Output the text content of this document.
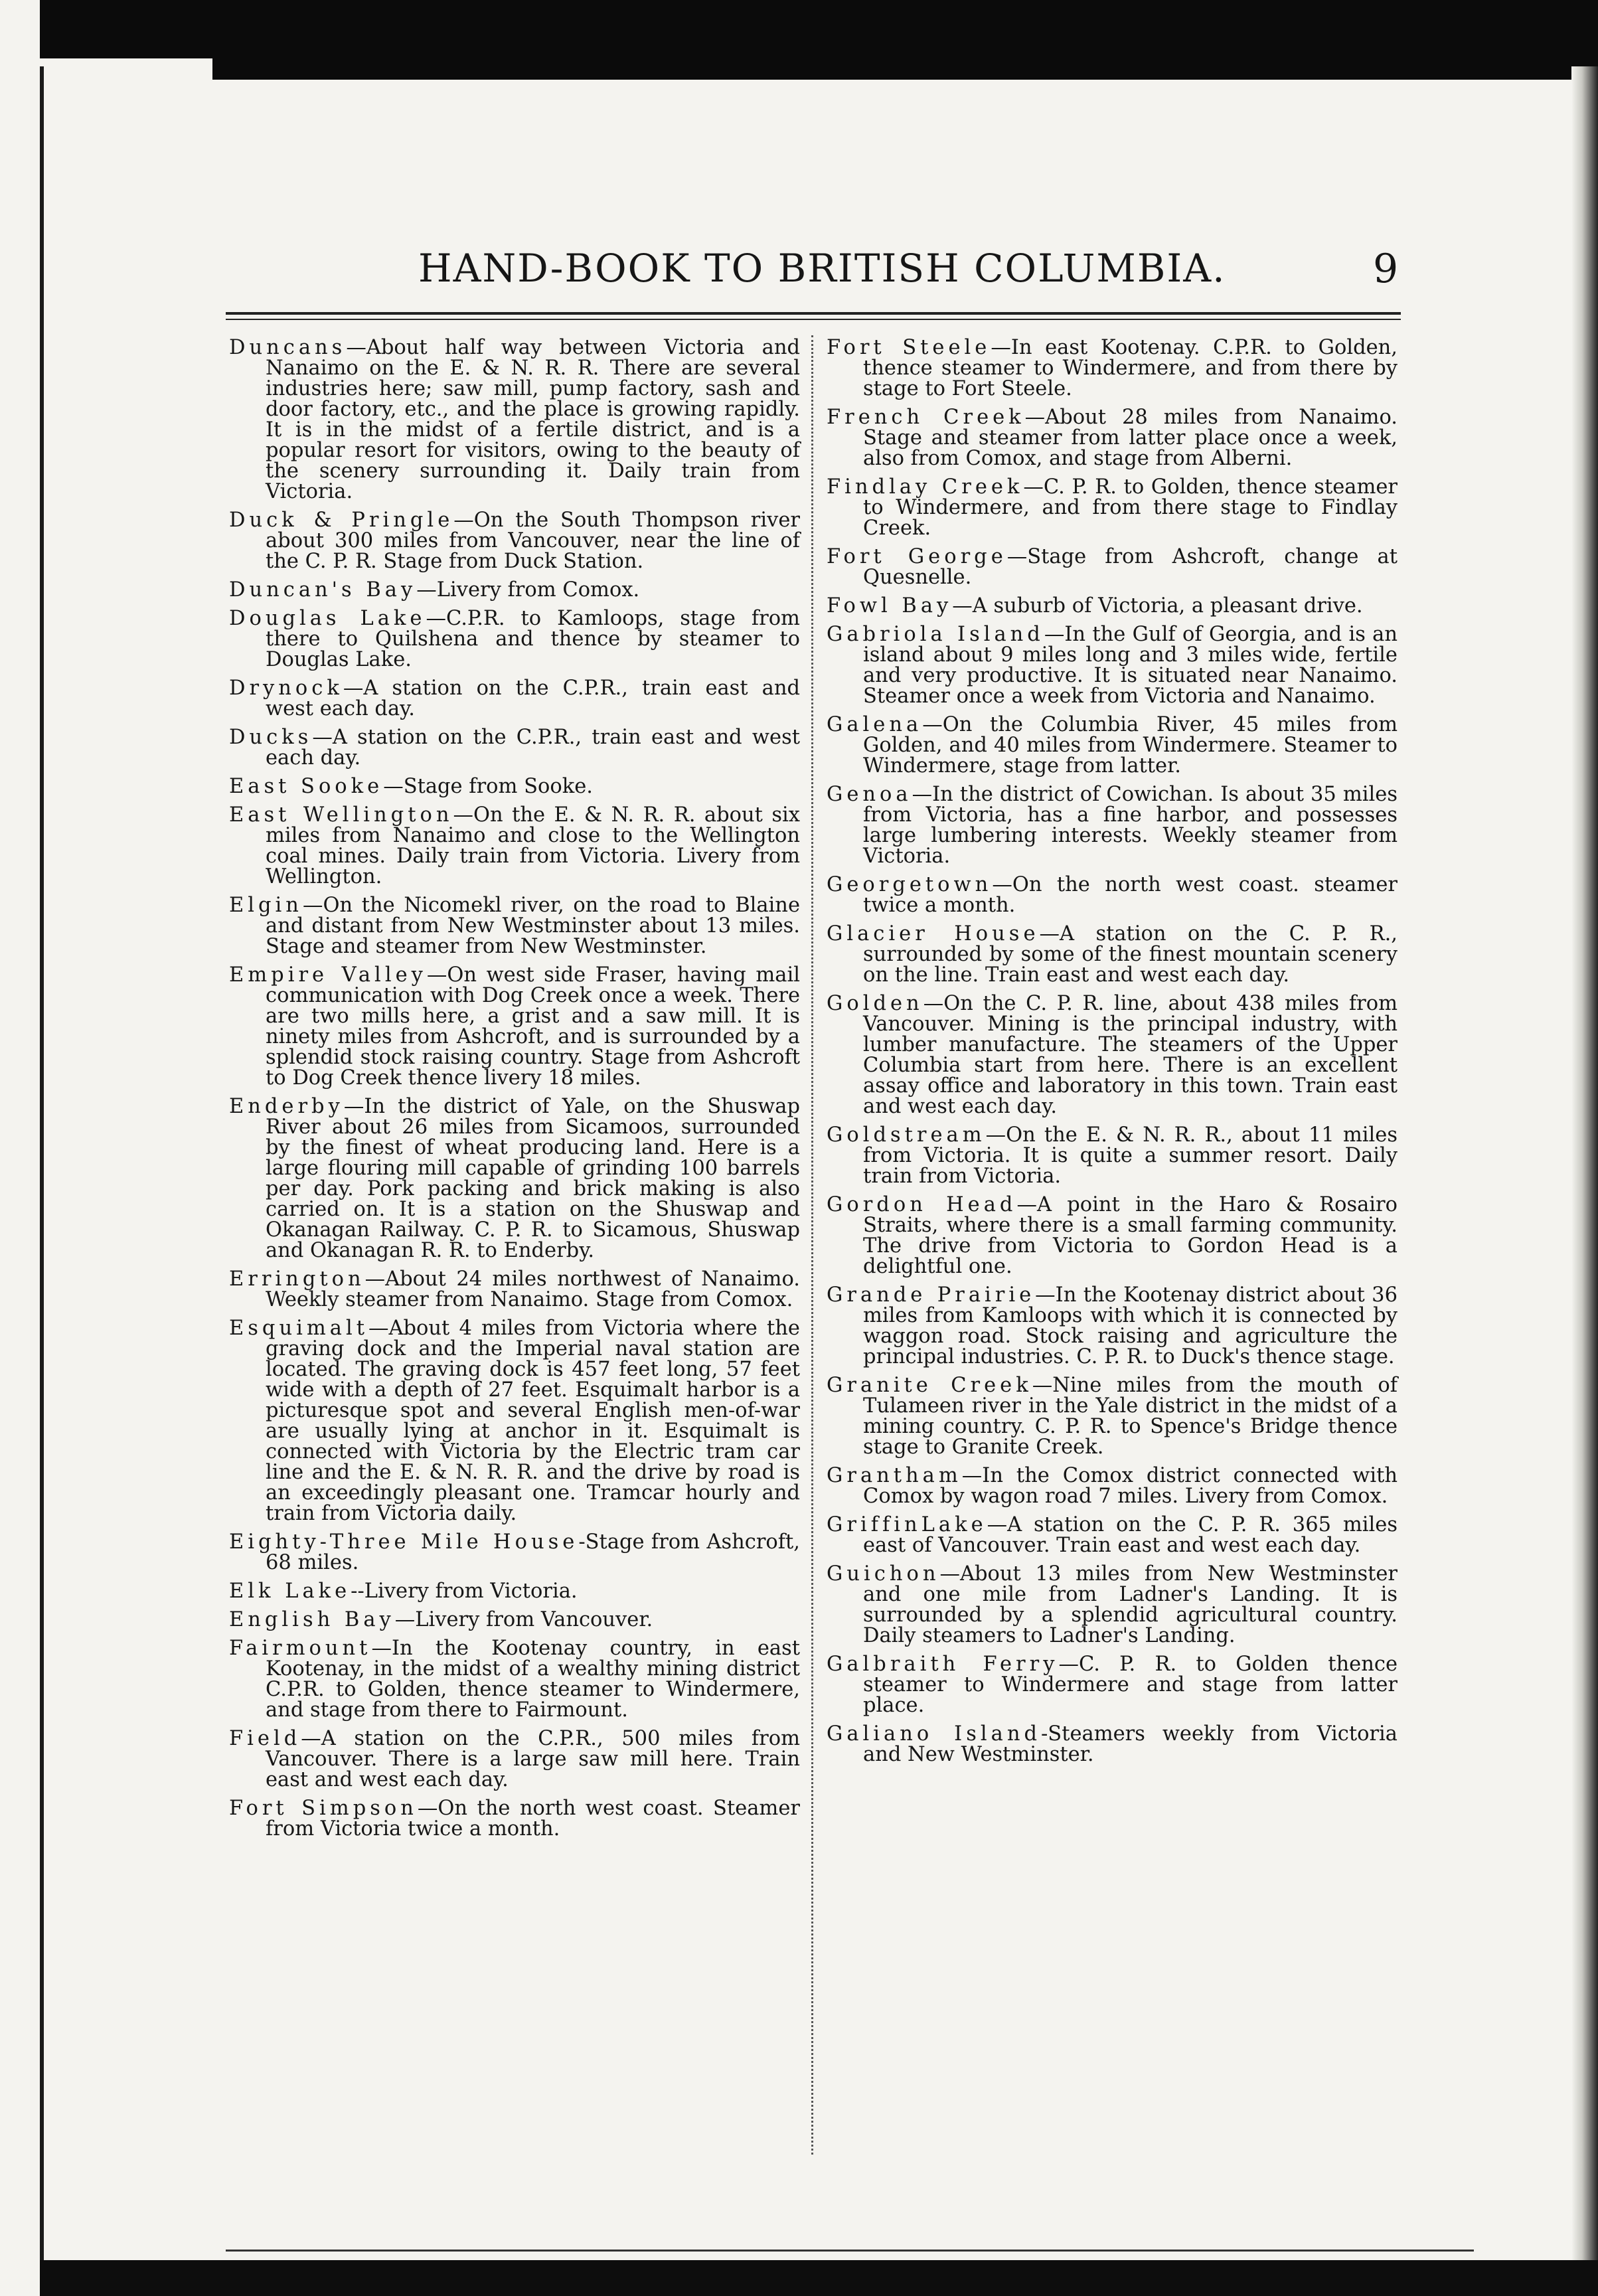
HAND-BOOK TO BRITISH COLUMBIA.	9

Duncans—About half way between Victoria and Nanaimo on the E. & N. R. R. There are several industries here; saw mill, pump factory, sash and door factory, etc., and the place is growing rapidly. It is in the midst of a fertile district, and is a popular resort for visitors, owing to the beauty of the scenery surrounding it. Daily train from Victoria.

Duck & Pringle—On the South Thompson river about 300 miles from Vancouver, near the line of the C. P. R. Stage from Duck Station.

Duncan's Bay—Livery from Comox.

Douglas Lake—C.P.R. to Kamloops, stage from there to Quilshena and thence by steamer to Douglas Lake.

Drynock—A station on the C.P.R., train east and west each day.

Ducks—A station on the C.P.R., train east and west each day.

East Sooke—Stage from Sooke.

East Wellington—On the E. & N. R. R. about six miles from Nanaimo and close to the Wellington coal mines. Daily train from Victoria. Livery from Wellington.

Elgin—On the Nicomekl river, on the road to Blaine and distant from New Westminster about 13 miles. Stage and steamer from New Westminster.

Empire Valley—On west side Fraser, having mail communication with Dog Creek once a week. There are two mills here, a grist and a saw mill. It is ninety miles from Ashcroft, and is surrounded by a splendid stock raising country. Stage from Ashcroft to Dog Creek thence livery 18 miles.

Enderby—In the district of Yale, on the Shuswap River about 26 miles from Sicamoos, surrounded by the finest of wheat producing land. Here is a large flouring mill capable of grinding 100 barrels per day. Pork packing and brick making is also carried on. It is a station on the Shuswap and Okanagan Railway. C. P. R. to Sicamous, Shuswap and Okanagan R. R. to Enderby.

Errington—About 24 miles northwest of Nanaimo. Weekly steamer from Nanaimo. Stage from Comox.

Esquimalt—About 4 miles from Victoria where the graving dock and the Imperial naval station are located. The graving dock is 457 feet long, 57 feet wide with a depth of 27 feet. Esquimalt harbor is a picturesque spot and several English men-of-war are usually lying at anchor in it. Esquimalt is connected with Victoria by the Electric tram car line and the E. & N. R. R. and the drive by road is an exceedingly pleasant one. Tramcar hourly and train from Victoria daily.

Eighty-Three Mile House-Stage from Ashcroft, 68 miles.

Elk Lake--Livery from Victoria.

English Bay—Livery from Vancouver.

Fairmount—In the Kootenay country, in east Kootenay, in the midst of a wealthy mining district C.P.R. to Golden, thence steamer to Windermere, and stage from there to Fairmount.

Field—A station on the C.P.R., 500 miles from Vancouver. There is a large saw mill here. Train east and west each day.

Fort Simpson—On the north west coast. Steamer from Victoria twice a month.

Fort Steele—In east Kootenay. C.P.R. to Golden, thence steamer to Windermere, and from there by stage to Fort Steele.

French Creek—About 28 miles from Nanaimo. Stage and steamer from latter place once a week, also from Comox, and stage from Alberni.

Findlay Creek—C. P. R. to Golden, thence steamer to Windermere, and from there stage to Findlay Creek.

Fort George—Stage from Ashcroft, change at Quesnelle.

Fowl Bay—A suburb of Victoria, a pleasant drive.

Gabriola Island—In the Gulf of Georgia, and is an island about 9 miles long and 3 miles wide, fertile and very productive. It is situated near Nanaimo. Steamer once a week from Victoria and Nanaimo.

Galena—On the Columbia River, 45 miles from Golden, and 40 miles from Windermere. Steamer to Windermere, stage from latter.

Genoa—In the district of Cowichan. Is about 35 miles from Victoria, has a fine harbor, and possesses large lumbering interests. Weekly steamer from Victoria.

Georgetown—On the north west coast. steamer twice a month.

Glacier House—A station on the C. P. R., surrounded by some of the finest mountain scenery on the line. Train east and west each day.

Golden—On the C. P. R. line, about 438 miles from Vancouver. Mining is the principal industry, with lumber manufacture. The steamers of the Upper Columbia start from here. There is an excellent assay office and laboratory in this town. Train east and west each day.

Goldstream—On the E. & N. R. R., about 11 miles from Victoria. It is quite a summer resort. Daily train from Victoria.

Gordon Head—A point in the Haro & Rosairo Straits, where there is a small farming community. The drive from Victoria to Gordon Head is a delightful one.

Grande Prairie—In the Kootenay district about 36 miles from Kamloops with which it is connected by waggon road. Stock raising and agriculture the principal industries. C. P. R. to Duck's thence stage.

Granite Creek—Nine miles from the mouth of Tulameen river in the Yale district in the midst of a mining country. C. P. R. to Spence's Bridge thence stage to Granite Creek.

Grantham—In the Comox district connected with Comox by wagon road 7 miles. Livery from Comox.

GriffinLake—A station on the C. P. R. 365 miles east of Vancouver. Train east and west each day.

Guichon—About 13 miles from New Westminster and one mile from Ladner's Landing. It is surrounded by a splendid agricultural country. Daily steamers to Ladner's Landing.

Galbraith Ferry—C. P. R. to Golden thence steamer to Windermere and stage from latter place.

Galiano Island-Steamers weekly from Victoria and New Westminster.
